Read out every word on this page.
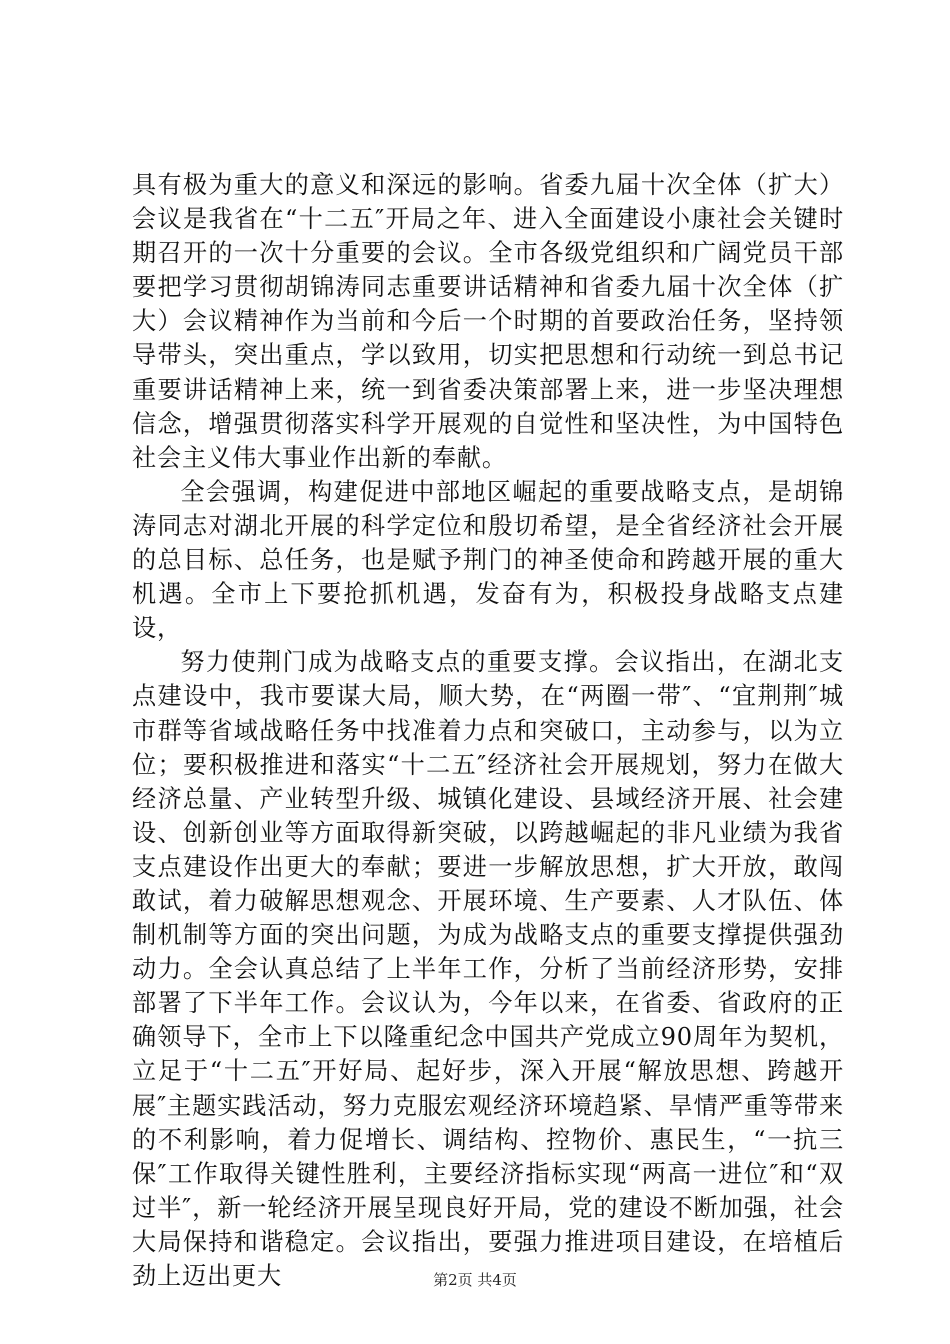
具有极为重大的意义和深远的影响。省委九届十次全体（扩大）会议是我省在“十二五″开局之年、进入全面建设小康社会关键时期召开的一次十分重要的会议。全市各级党组织和广阔党员干部要把学习贯彻胡锦涛同志重要讲话精神和省委九届十次全体（扩大）会议精神作为当前和今后一个时期的首要政治任务，坚持领导带头，突出重点，学以致用，切实把思想和行动统一到总书记重要讲话精神上来，统一到省委决策部署上来，进一步坚决理想信念，增强贯彻落实科学开展观的自觉性和坚决性，为中国特色社会主义伟大事业作出新的奉献。

全会强调，构建促进中部地区崛起的重要战略支点，是胡锦涛同志对湖北开展的科学定位和殷切希望，是全省经济社会开展的总目标、总任务，也是赋予荆门的神圣使命和跨越开展的重大机遇。全市上下要抢抓机遇，发奋有为，积极投身战略支点建设，

努力使荆门成为战略支点的重要支撑。会议指出，在湖北支点建设中，我市要谋大局，顺大势，在“两圈一带″、“宜荆荆″城市群等省域战略任务中找准着力点和突破口，主动参与，以为立位；要积极推进和落实“十二五″经济社会开展规划，努力在做大经济总量、产业转型升级、城镇化建设、县域经济开展、社会建设、创新创业等方面取得新突破，以跨越崛起的非凡业绩为我省支点建设作出更大的奉献；要进一步解放思想，扩大开放，敢闯敢试，着力破解思想观念、开展环境、生产要素、人才队伍、体制机制等方面的突出问题，为成为战略支点的重要支撑提供强劲动力。全会认真总结了上半年工作，分析了当前经济形势，安排部署了下半年工作。会议认为，今年以来，在省委、省政府的正确领导下，全市上下以隆重纪念中国共产党成立90周年为契机，立足于“十二五″开好局、起好步，深入开展“解放思想、跨越开展″主题实践活动，努力克服宏观经济环境趋紧、旱情严重等带来的不利影响，着力促增长、调结构、控物价、惠民生，“一抗三保″工作取得关键性胜利，主要经济指标实现“两高一进位″和“双过半″，新一轮经济开展呈现良好开局，党的建设不断加强，社会大局保持和谐稳定。会议指出，要强力推进项目建设，在培植后劲上迈出更大	第2页 共4页
